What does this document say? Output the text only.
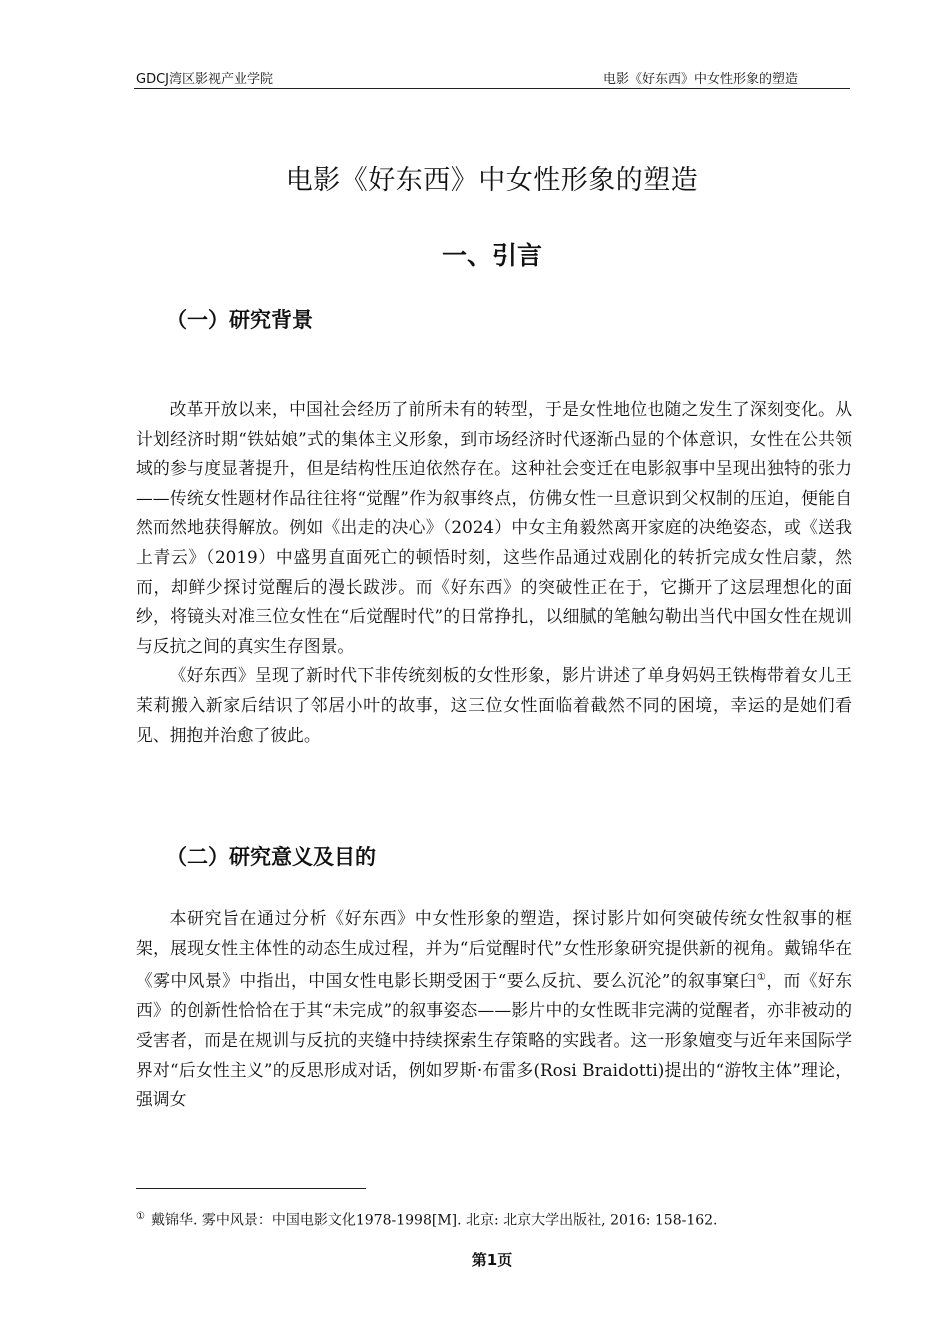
GDCJ湾区影视产业学院	电影《好东西》中女性形象的塑造
电影《好东西》中女性形象的塑造
一、引言
（一）研究背景

改革开放以来，中国社会经历了前所未有的转型，于是女性地位也随之发生了深刻变化。从计划经济时期“铁姑娘”式的集体主义形象，到市场经济时代逐渐凸显的个体意识，女性在公共领域的参与度显著提升，但是结构性压迫依然存在。这种社会变迁在电影叙事中呈现出独特的张力——传统女性题材作品往往将“觉醒”作为叙事终点，仿佛女性一旦意识到父权制的压迫，便能自然而然地获得解放。例如《出走的决心》（2024）中女主角毅然离开家庭的决绝姿态，或《送我上青云》（2019）中盛男直面死亡的顿悟时刻，这些作品通过戏剧化的转折完成女性启蒙，然而，却鲜少探讨觉醒后的漫长跋涉。而《好东西》的突破性正在于，它撕开了这层理想化的面纱，将镜头对准三位女性在“后觉醒时代”的日常挣扎，以细腻的笔触勾勒出当代中国女性在规训与反抗之间的真实生存图景。

《好东西》呈现了新时代下非传统刻板的女性形象，影片讲述了单身妈妈王铁梅带着女儿王茉莉搬入新家后结识了邻居小叶的故事，这三位女性面临着截然不同的困境，幸运的是她们看见、拥抱并治愈了彼此。

（二）研究意义及目的

本研究旨在通过分析《好东西》中女性形象的塑造，探讨影片如何突破传统女性叙事的框架，展现女性主体性的动态生成过程，并为“后觉醒时代”女性形象研究提供新的视角。戴锦华在《雾中风景》中指出，中国女性电影长期受困于“要么反抗、要么沉沦”的叙事窠臼①，而《好东西》的创新性恰恰在于其“未完成”的叙事姿态——影片中的女性既非完满的觉醒者，亦非被动的受害者，而是在规训与反抗的夹缝中持续探索生存策略的实践者。这一形象嬗变与近年来国际学界对“后女性主义”的反思形成对话，例如罗斯·布雷多(Rosi Braidotti)提出的“游牧主体”理论，强调女

① 戴锦华. 雾中风景：中国电影文化1978-1998[M]. 北京: 北京大学出版社, 2016: 158-162.
第1页
